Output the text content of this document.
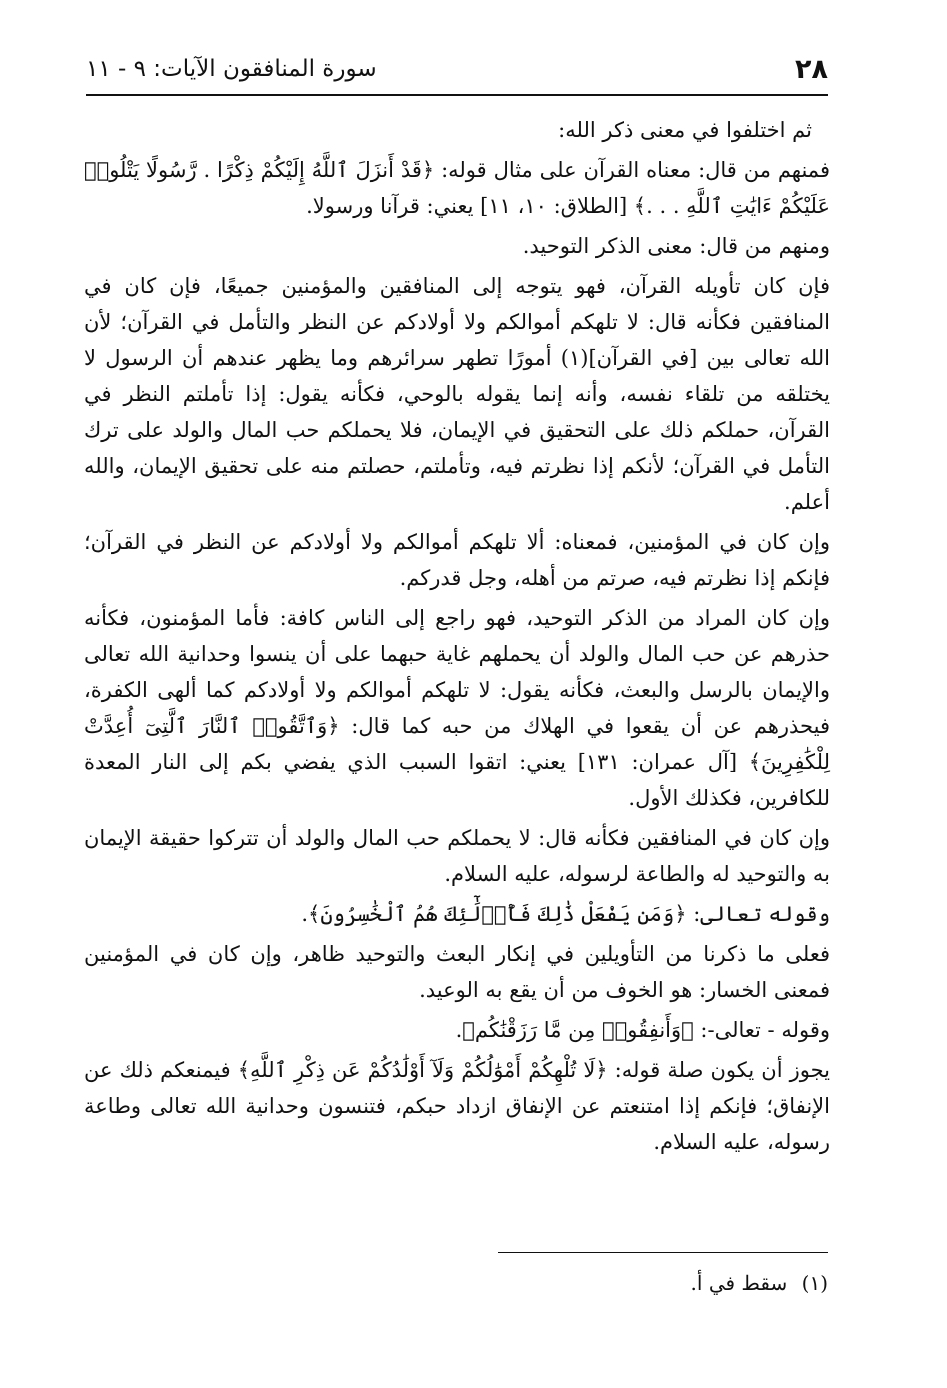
٢٨
سورة المنافقون الآيات: ٩ - ١١

ثم اختلفوا في معنى ذكر الله:

فمنهم من قال: معناه القرآن على مثال قوله: ﴿قَدْ أَنزَلَ ٱللَّهُ إِلَيْكُمْ ذِكْرًا . رَّسُولًا يَتْلُوا۟ عَلَيْكُمْ ءَايَٰتِ ٱللَّهِ . . .﴾ [الطلاق: ١٠، ١١] يعني: قرآنا ورسولا.

ومنهم من قال: معنى الذكر التوحيد.

فإن كان تأويله القرآن، فهو يتوجه إلى المنافقين والمؤمنين جميعًا، فإن كان في المنافقين فكأنه قال: لا تلهكم أموالكم ولا أولادكم عن النظر والتأمل في القرآن؛ لأن الله تعالى بين [في القرآن](١) أمورًا تطهر سرائرهم وما يظهر عندهم أن الرسول لا يختلقه من تلقاء نفسه، وأنه إنما يقوله بالوحي، فكأنه يقول: إذا تأملتم النظر في القرآن، حملكم ذلك على التحقيق في الإيمان، فلا يحملكم حب المال والولد على ترك التأمل في القرآن؛ لأنكم إذا نظرتم فيه، وتأملتم، حصلتم منه على تحقيق الإيمان، والله أعلم.

وإن كان في المؤمنين، فمعناه: ألا تلهكم أموالكم ولا أولادكم عن النظر في القرآن؛ فإنكم إذا نظرتم فيه، صرتم من أهله، وجل قدركم.

وإن كان المراد من الذكر التوحيد، فهو راجع إلى الناس كافة: فأما المؤمنون، فكأنه حذرهم عن حب المال والولد أن يحملهم غاية حبهما على أن ينسوا وحدانية الله تعالى والإيمان بالرسل والبعث، فكأنه يقول: لا تلهكم أموالكم ولا أولادكم كما ألهى الكفرة، فيحذرهم عن أن يقعوا في الهلاك من حبه كما قال: ﴿وَٱتَّقُوا۟ ٱلنَّارَ ٱلَّتِىٓ أُعِدَّتْ لِلْكَٰفِرِينَ﴾ [آل عمران: ١٣١] يعني: اتقوا السبب الذي يفضي بكم إلى النار المعدة للكافرين، فكذلك الأول.

وإن كان في المنافقين فكأنه قال: لا يحملكم حب المال والولد أن تتركوا حقيقة الإيمان به والتوحيد له والطاعة لرسوله، عليه السلام.

وقوله تعالى: ﴿وَمَن يَفْعَلْ ذَٰلِكَ فَأُو۟لَٰٓئِكَ هُمُ ٱلْخَٰسِرُونَ﴾.

فعلى ما ذكرنا من التأويلين في إنكار البعث والتوحيد ظاهر، وإن كان في المؤمنين فمعنى الخسار: هو الخوف من أن يقع به الوعيد.

وقوله - تعالى-: ﴿وَأَنفِقُوا۟ مِن مَّا رَزَقْنَٰكُم﴾.

يجوز أن يكون صلة قوله: ﴿لَا تُلْهِكُمْ أَمْوَٰلُكُمْ وَلَآ أَوْلَٰدُكُمْ عَن ذِكْرِ ٱللَّهِ﴾ فيمنعكم ذلك عن الإنفاق؛ فإنكم إذا امتنعتم عن الإنفاق ازداد حبكم، فتنسون وحدانية الله تعالى وطاعة رسوله، عليه السلام.

(١) سقط في أ.
